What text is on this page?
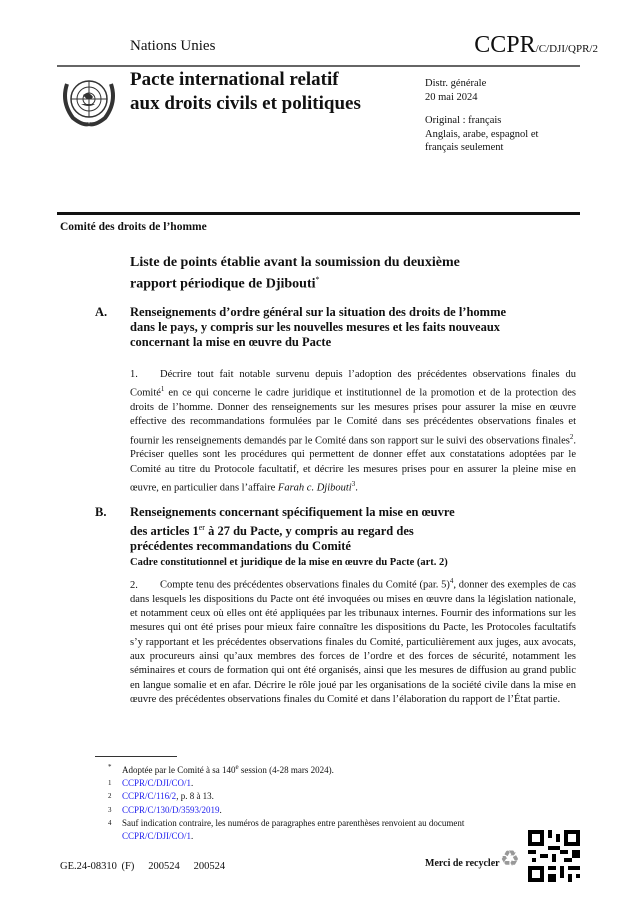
Nations Unies	CCPR/C/DJI/QPR/2
Pacte international relatif
aux droits civils et politiques
Distr. générale
20 mai 2024
Original : français
Anglais, arabe, espagnol et français seulement
Comité des droits de l’homme
Liste de points établie avant la soumission du deuxième rapport périodique de Djibouti*
A. Renseignements d’ordre général sur la situation des droits de l’homme dans le pays, y compris sur les nouvelles mesures et les faits nouveaux concernant la mise en œuvre du Pacte
1. Décrire tout fait notable survenu depuis l’adoption des précédentes observations finales du Comité$^1$ en ce qui concerne le cadre juridique et institutionnel de la promotion et de la protection des droits de l’homme. Donner des renseignements sur les mesures prises pour assurer la mise en œuvre effective des recommandations formulées par le Comité dans ses précédentes observations finales et fournir les renseignements demandés par le Comité dans son rapport sur le suivi des observations finales$^2$. Préciser quelles sont les procédures qui permettent de donner effet aux constatations adoptées par le Comité au titre du Protocole facultatif, et décrire les mesures prises pour en assurer la pleine mise en œuvre, en particulier dans l’affaire Farah c. Djibouti$^3$.
B. Renseignements concernant spécifiquement la mise en œuvre des articles 1er à 27 du Pacte, y compris au regard des précédentes recommandations du Comité
Cadre constitutionnel et juridique de la mise en œuvre du Pacte (art. 2)
2. Compte tenu des précédentes observations finales du Comité (par. 5)$^4$, donner des exemples de cas dans lesquels les dispositions du Pacte ont été invoquées ou mises en œuvre dans la législation nationale, et notamment ceux où elles ont été appliquées par les tribunaux internes. Fournir des informations sur les mesures qui ont été prises pour mieux faire connaître les dispositions du Pacte, les Protocoles facultatifs s’y rapportant et les précédentes observations finales du Comité, particulièrement aux juges, aux avocats, aux procureurs ainsi qu’aux membres des forces de l’ordre et des forces de sécurité, notamment les séminaires et cours de formation qui ont été organisés, ainsi que les mesures de diffusion au grand public en langue somalie et en afar. Décrire le rôle joué par les organisations de la société civile dans la mise en œuvre des précédentes observations finales du Comité et dans l’élaboration du rapport de l’État partie.
*	Adoptée par le Comité à sa 140e session (4-28 mars 2024).
1	CCPR/C/DJI/CO/1.
2	CCPR/C/116/2, p. 8 à 13.
3	CCPR/C/130/D/3593/2019.
4	Sauf indication contraire, les numéros de paragraphes entre parenthèses renvoient au document
CCPR/C/DJI/CO/1.
GE.24-08310 (F)   200524   200524	Merci de recycler ♻
